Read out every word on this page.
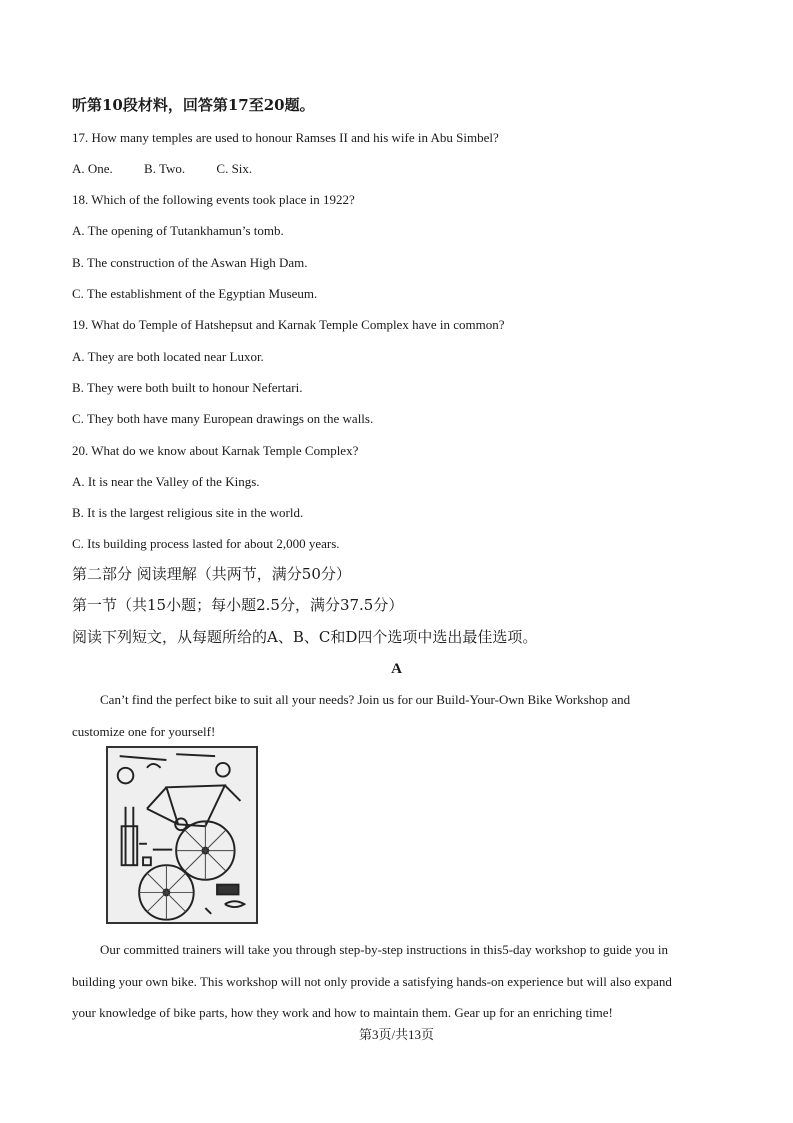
听第10段材料，回答第17至20题。
17. How many temples are used to honour Ramses II and his wife in Abu Simbel?
A. One. B. Two. C. Six.
18. Which of the following events took place in 1922?
A. The opening of Tutankhamun’s tomb.
B. The construction of the Aswan High Dam.
C. The establishment of the Egyptian Museum.
19. What do Temple of Hatshepsut and Karnak Temple Complex have in common?
A. They are both located near Luxor.
B. They were both built to honour Nefertari.
C. They both have many European drawings on the walls.
20. What do we know about Karnak Temple Complex?
A. It is near the Valley of the Kings.
B. It is the largest religious site in the world.
C. Its building process lasted for about 2,000 years.
第二部分 阅读理解（共两节，满分50分）
第一节（共15小题；每小题2.5分，满分37.5分）
阅读下列短文，从每题所给的A、B、C和D四个选项中选出最佳选项。
A
Can’t find the perfect bike to suit all your needs? Join us for our Build-Your-Own Bike Workshop and
customize one for yourself!
Our committed trainers will take you through step-by-step instructions in this5-day workshop to guide you in
building your own bike. This workshop will not only provide a satisfying hands-on experience but will also expand
your knowledge of bike parts, how they work and how to maintain them. Gear up for an enriching time!
第3页/共13页
